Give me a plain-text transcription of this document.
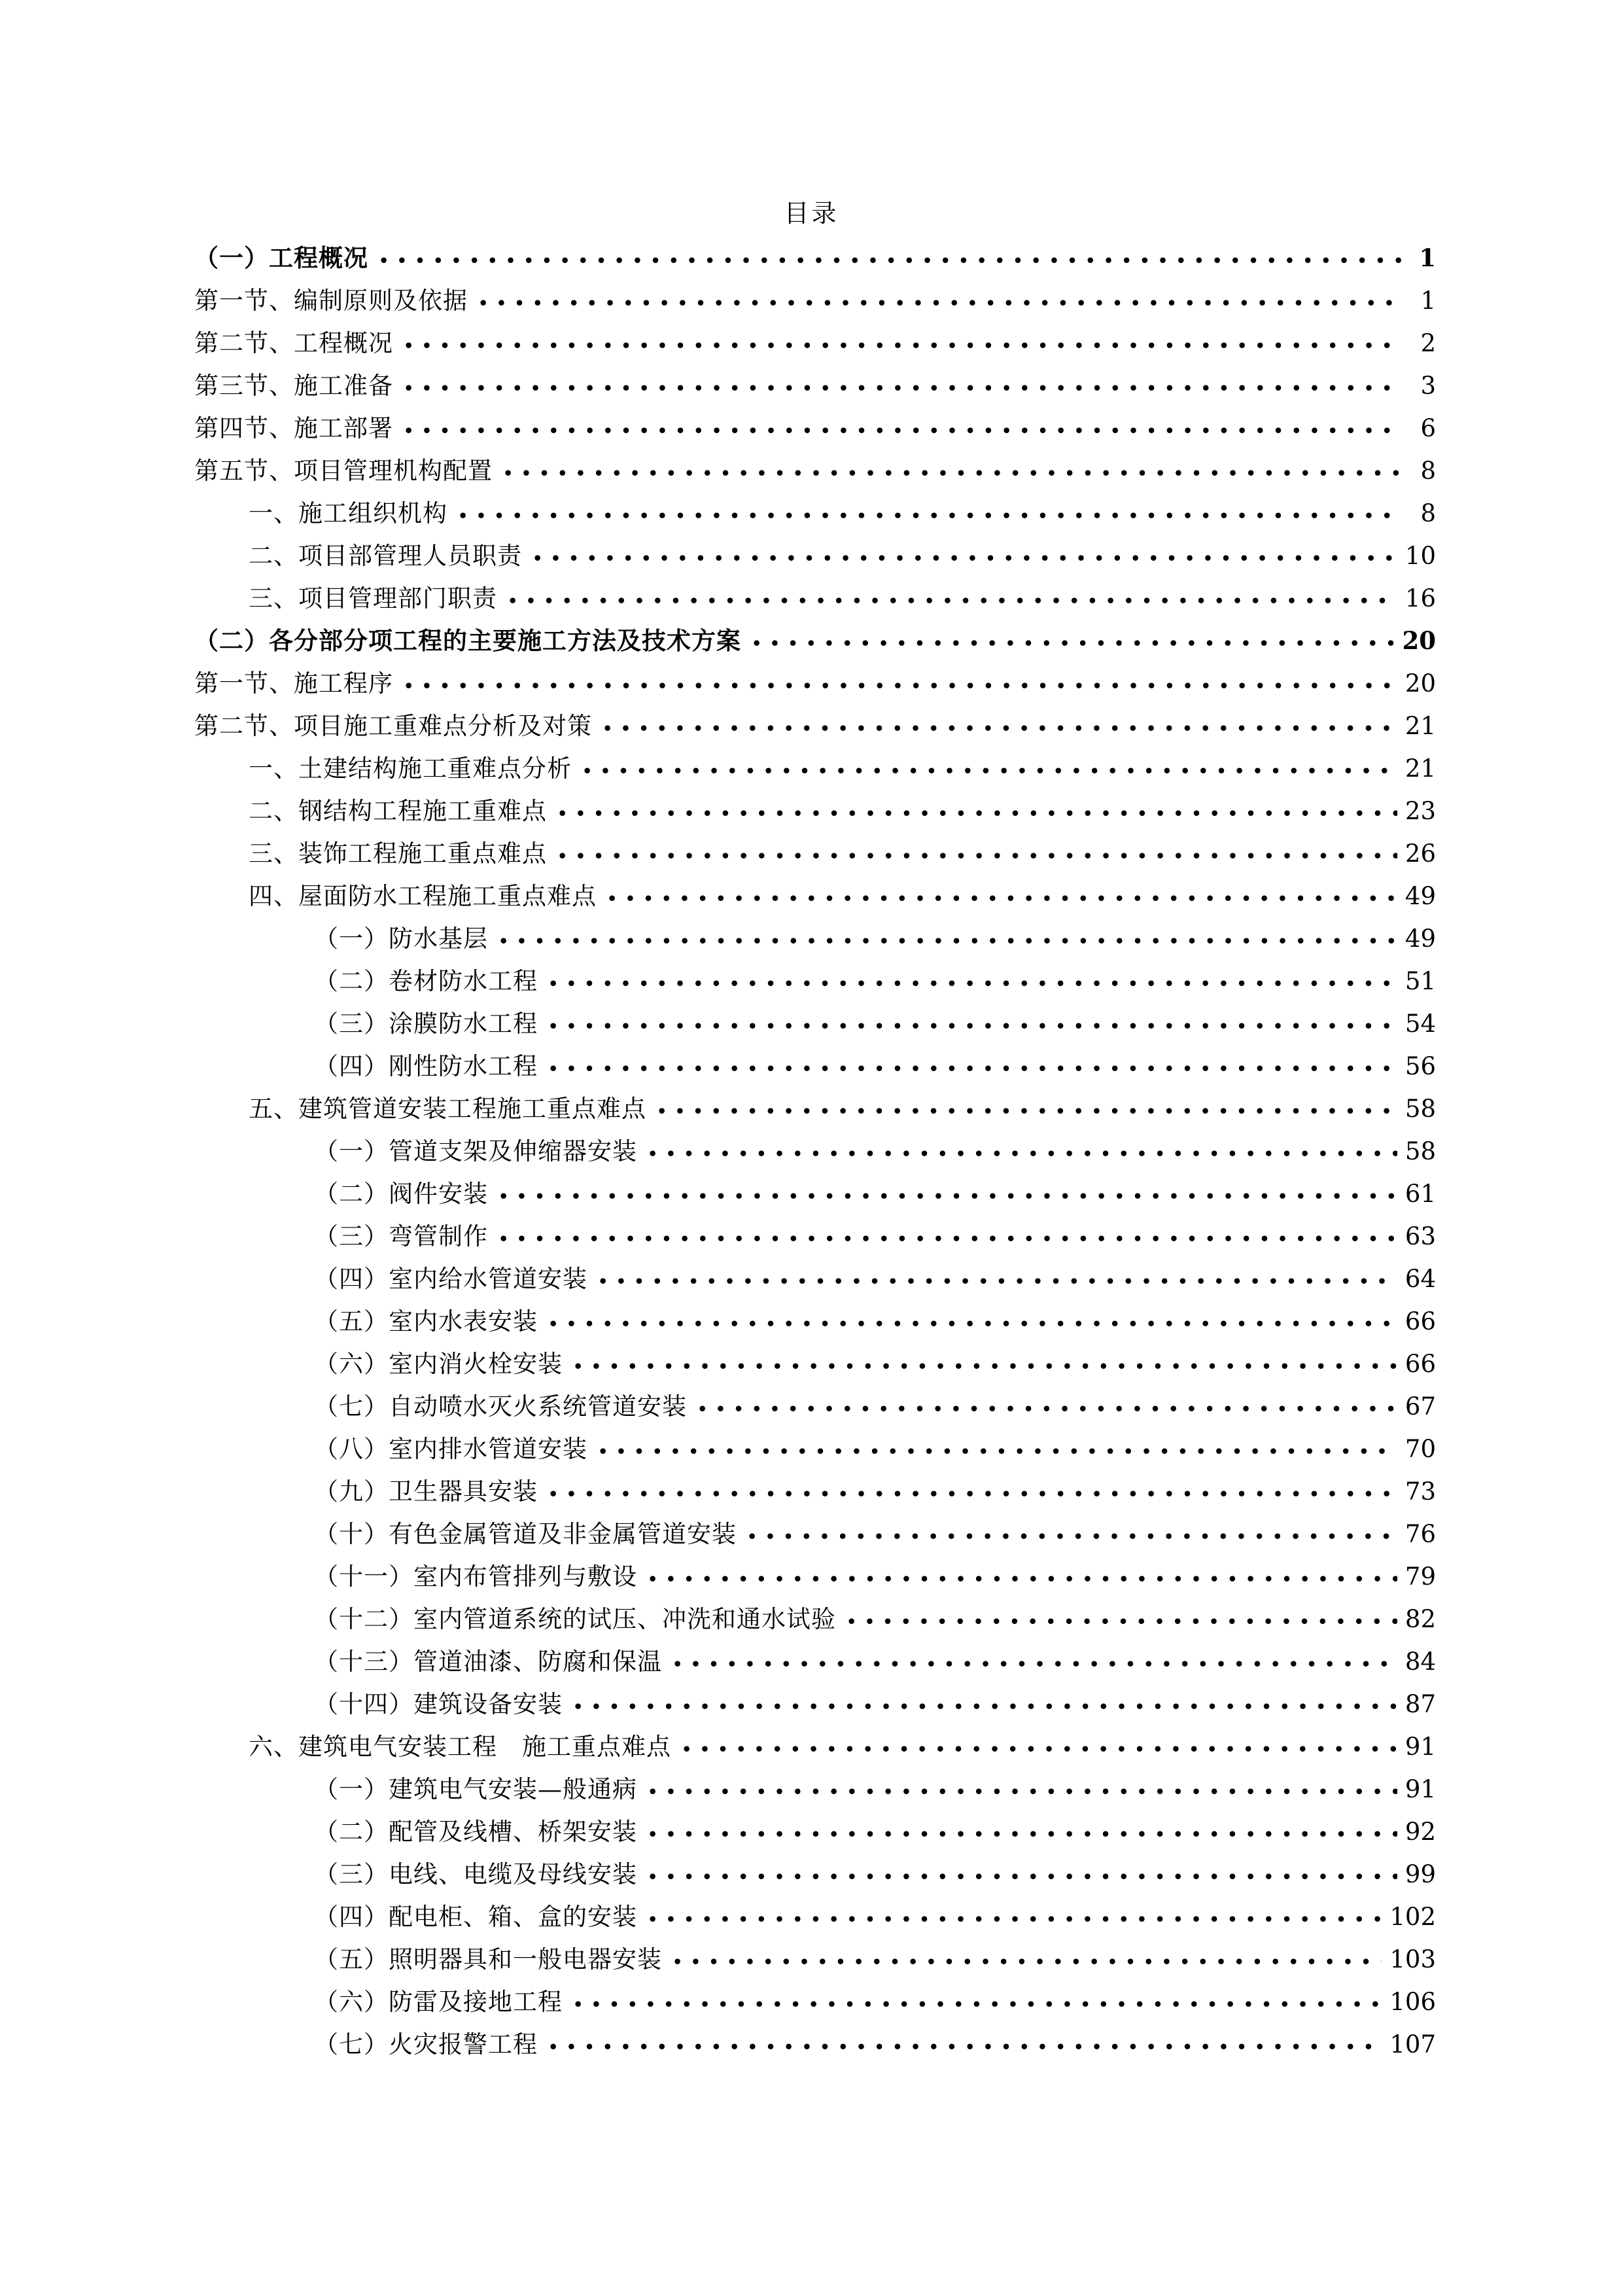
目录
（一）工程概况 • • •	1
第一节、编制原则及依据 • • •	1
第二节、工程概况 • • •	2
第三节、施工准备 • • •	3
第四节、施工部署 • • •	6
第五节、项目管理机构配置 • • •	8
一、施工组织机构 • • •	8
二、项目部管理人员职责 • • •	10
三、项目管理部门职责 • • •	16
（二）各分部分项工程的主要施工方法及技术方案 • • •	20
第一节、施工程序 • • •	20
第二节、项目施工重难点分析及对策 • • •	21
一、土建结构施工重难点分析 • • •	21
二、钢结构工程施工重难点 • • •	23
三、装饰工程施工重点难点 • • •	26
四、屋面防水工程施工重点难点 • • •	49
（一）防水基层 • • •	49
（二）卷材防水工程 • • •	51
（三）涂膜防水工程 • • •	54
（四）刚性防水工程 • • •	56
五、建筑管道安装工程施工重点难点 • • •	58
（一）管道支架及伸缩器安装 • • •	58
（二）阀件安装 • • •	61
（三）弯管制作 • • •	63
（四）室内给水管道安装 • • •	64
（五）室内水表安装 • • •	66
（六）室内消火栓安装 • • •	66
（七）自动喷水灭火系统管道安装 • • •	67
（八）室内排水管道安装 • • •	70
（九）卫生器具安装 • • •	73
（十）有色金属管道及非金属管道安装 • • •	76
（十一）室内布管排列与敷设 • • •	79
（十二）室内管道系统的试压、冲洗和通水试验 • • •	82
（十三）管道油漆、防腐和保温 • • •	84
（十四）建筑设备安装 • • •	87
六、建筑电气安装工程　施工重点难点 • • •	91
（一）建筑电气安装—般通病 • • •	91
（二）配管及线槽、桥架安装 • • •	92
（三）电线、电缆及母线安装 • • •	99
（四）配电柜、箱、盒的安装 • • •	102
（五）照明器具和一般电器安装 • • •	103
（六）防雷及接地工程 • • •	106
（七）火灾报警工程 • • •	107
